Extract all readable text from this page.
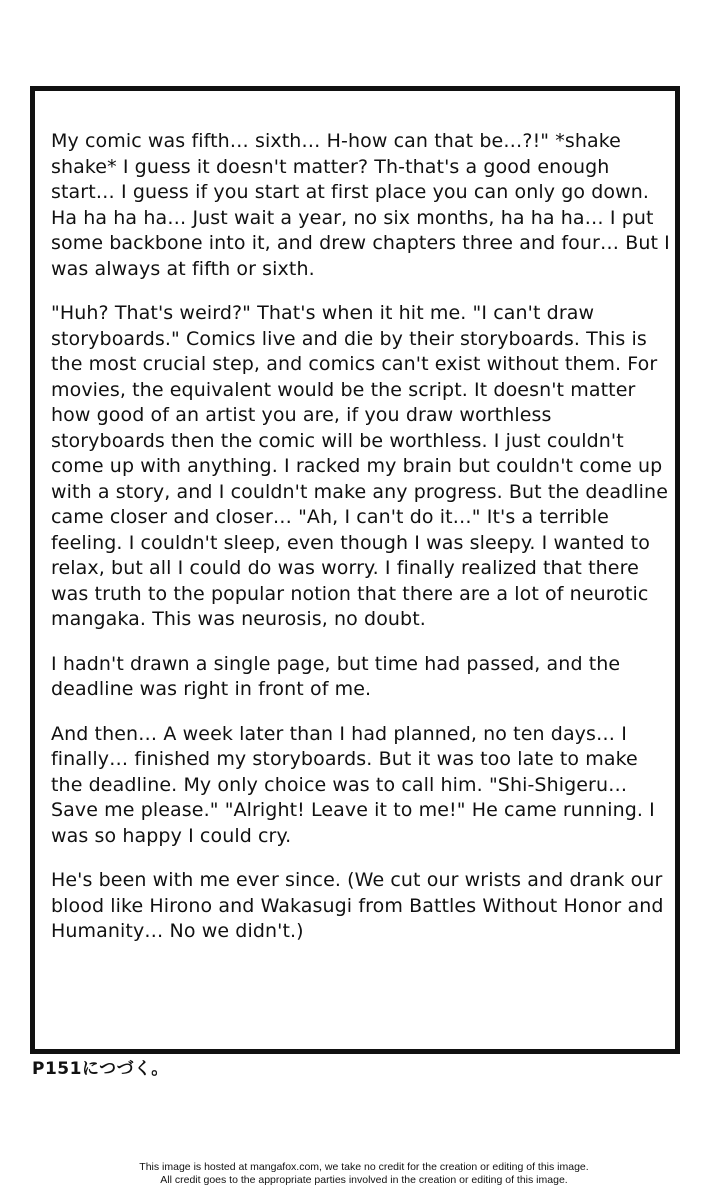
My comic was fifth… sixth… H-how can that be…?!" *shake shake* I guess it doesn't matter? Th-that's a good enough start… I guess if you start at first place you can only go down. Ha ha ha ha… Just wait a year, no six months, ha ha ha… I put some backbone into it, and drew chapters three and four… But I was always at fifth or sixth.

"Huh? That's weird?" That's when it hit me. "I can't draw storyboards." Comics live and die by their storyboards. This is the most crucial step, and comics can't exist without them. For movies, the equivalent would be the script. It doesn't matter how good of an artist you are, if you draw worthless storyboards then the comic will be worthless. I just couldn't come up with anything. I racked my brain but couldn't come up with a story, and I couldn't make any progress. But the deadline came closer and closer… "Ah, I can't do it…" It's a terrible feeling. I couldn't sleep, even though I was sleepy. I wanted to relax, but all I could do was worry. I finally realized that there was truth to the popular notion that there are a lot of neurotic mangaka. This was neurosis, no doubt.

I hadn't drawn a single page, but time had passed, and the deadline was right in front of me.

And then… A week later than I had planned, no ten days… I finally… finished my storyboards. But it was too late to make the deadline. My only choice was to call him. "Shi-Shigeru… Save me please." "Alright! Leave it to me!" He came running. I was so happy I could cry.

He's been with me ever since. (We cut our wrists and drank our blood like Hirono and Wakasugi from Battles Without Honor and Humanity… No we didn't.)

P151につづく。
This image is hosted at mangafox.com, we take no credit for the creation or editing of this image.
All credit goes to the appropriate parties involved in the creation or editing of this image.
